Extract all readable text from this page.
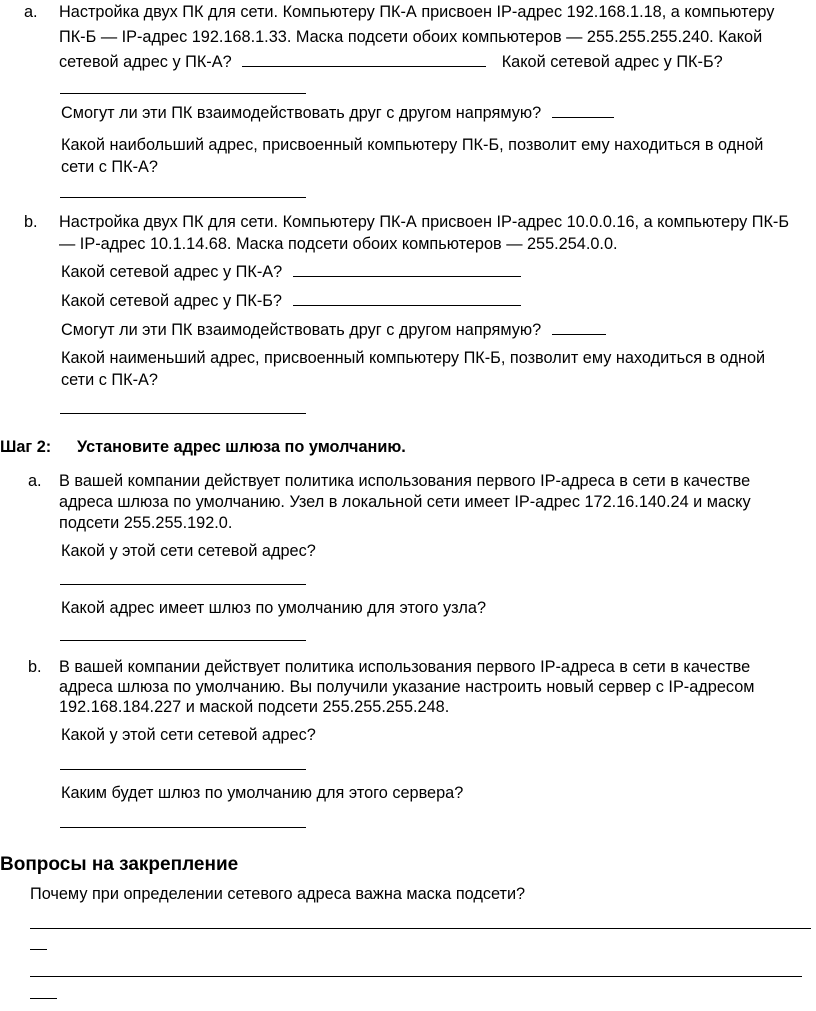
a. Настройка двух ПК для сети. Компьютеру ПК-А присвоен IP-адрес 192.168.1.18, а компьютеру
ПК-Б — IP-адрес 192.168.1.33. Маска подсети обоих компьютеров — 255.255.255.240. Какой
сетевой адрес у ПК-А?	Какой сетевой адрес у ПК-Б?
Смогут ли эти ПК взаимодействовать друг с другом напрямую?
Какой наибольший адрес, присвоенный компьютеру ПК-Б, позволит ему находиться в одной
сети с ПК-А?
b. Настройка двух ПК для сети. Компьютеру ПК-А присвоен IP-адрес 10.0.0.16, а компьютеру ПК-Б
— IP-адрес 10.1.14.68. Маска подсети обоих компьютеров — 255.254.0.0.
Какой сетевой адрес у ПК-А?
Какой сетевой адрес у ПК-Б?
Смогут ли эти ПК взаимодействовать друг с другом напрямую?
Какой наименьший адрес, присвоенный компьютеру ПК-Б, позволит ему находиться в одной
сети с ПК-А?
Шаг 2: Установите адрес шлюза по умолчанию.
a. В вашей компании действует политика использования первого IP-адреса в сети в качестве
адреса шлюза по умолчанию. Узел в локальной сети имеет IP-адрес 172.16.140.24 и маску
подсети 255.255.192.0.
Какой у этой сети сетевой адрес?
Какой адрес имеет шлюз по умолчанию для этого узла?
b. В вашей компании действует политика использования первого IP-адреса в сети в качестве
адреса шлюза по умолчанию. Вы получили указание настроить новый сервер с IP-адресом
192.168.184.227 и маской подсети 255.255.255.248.
Какой у этой сети сетевой адрес?
Каким будет шлюз по умолчанию для этого сервера?
Вопросы на закрепление
Почему при определении сетевого адреса важна маска подсети?
